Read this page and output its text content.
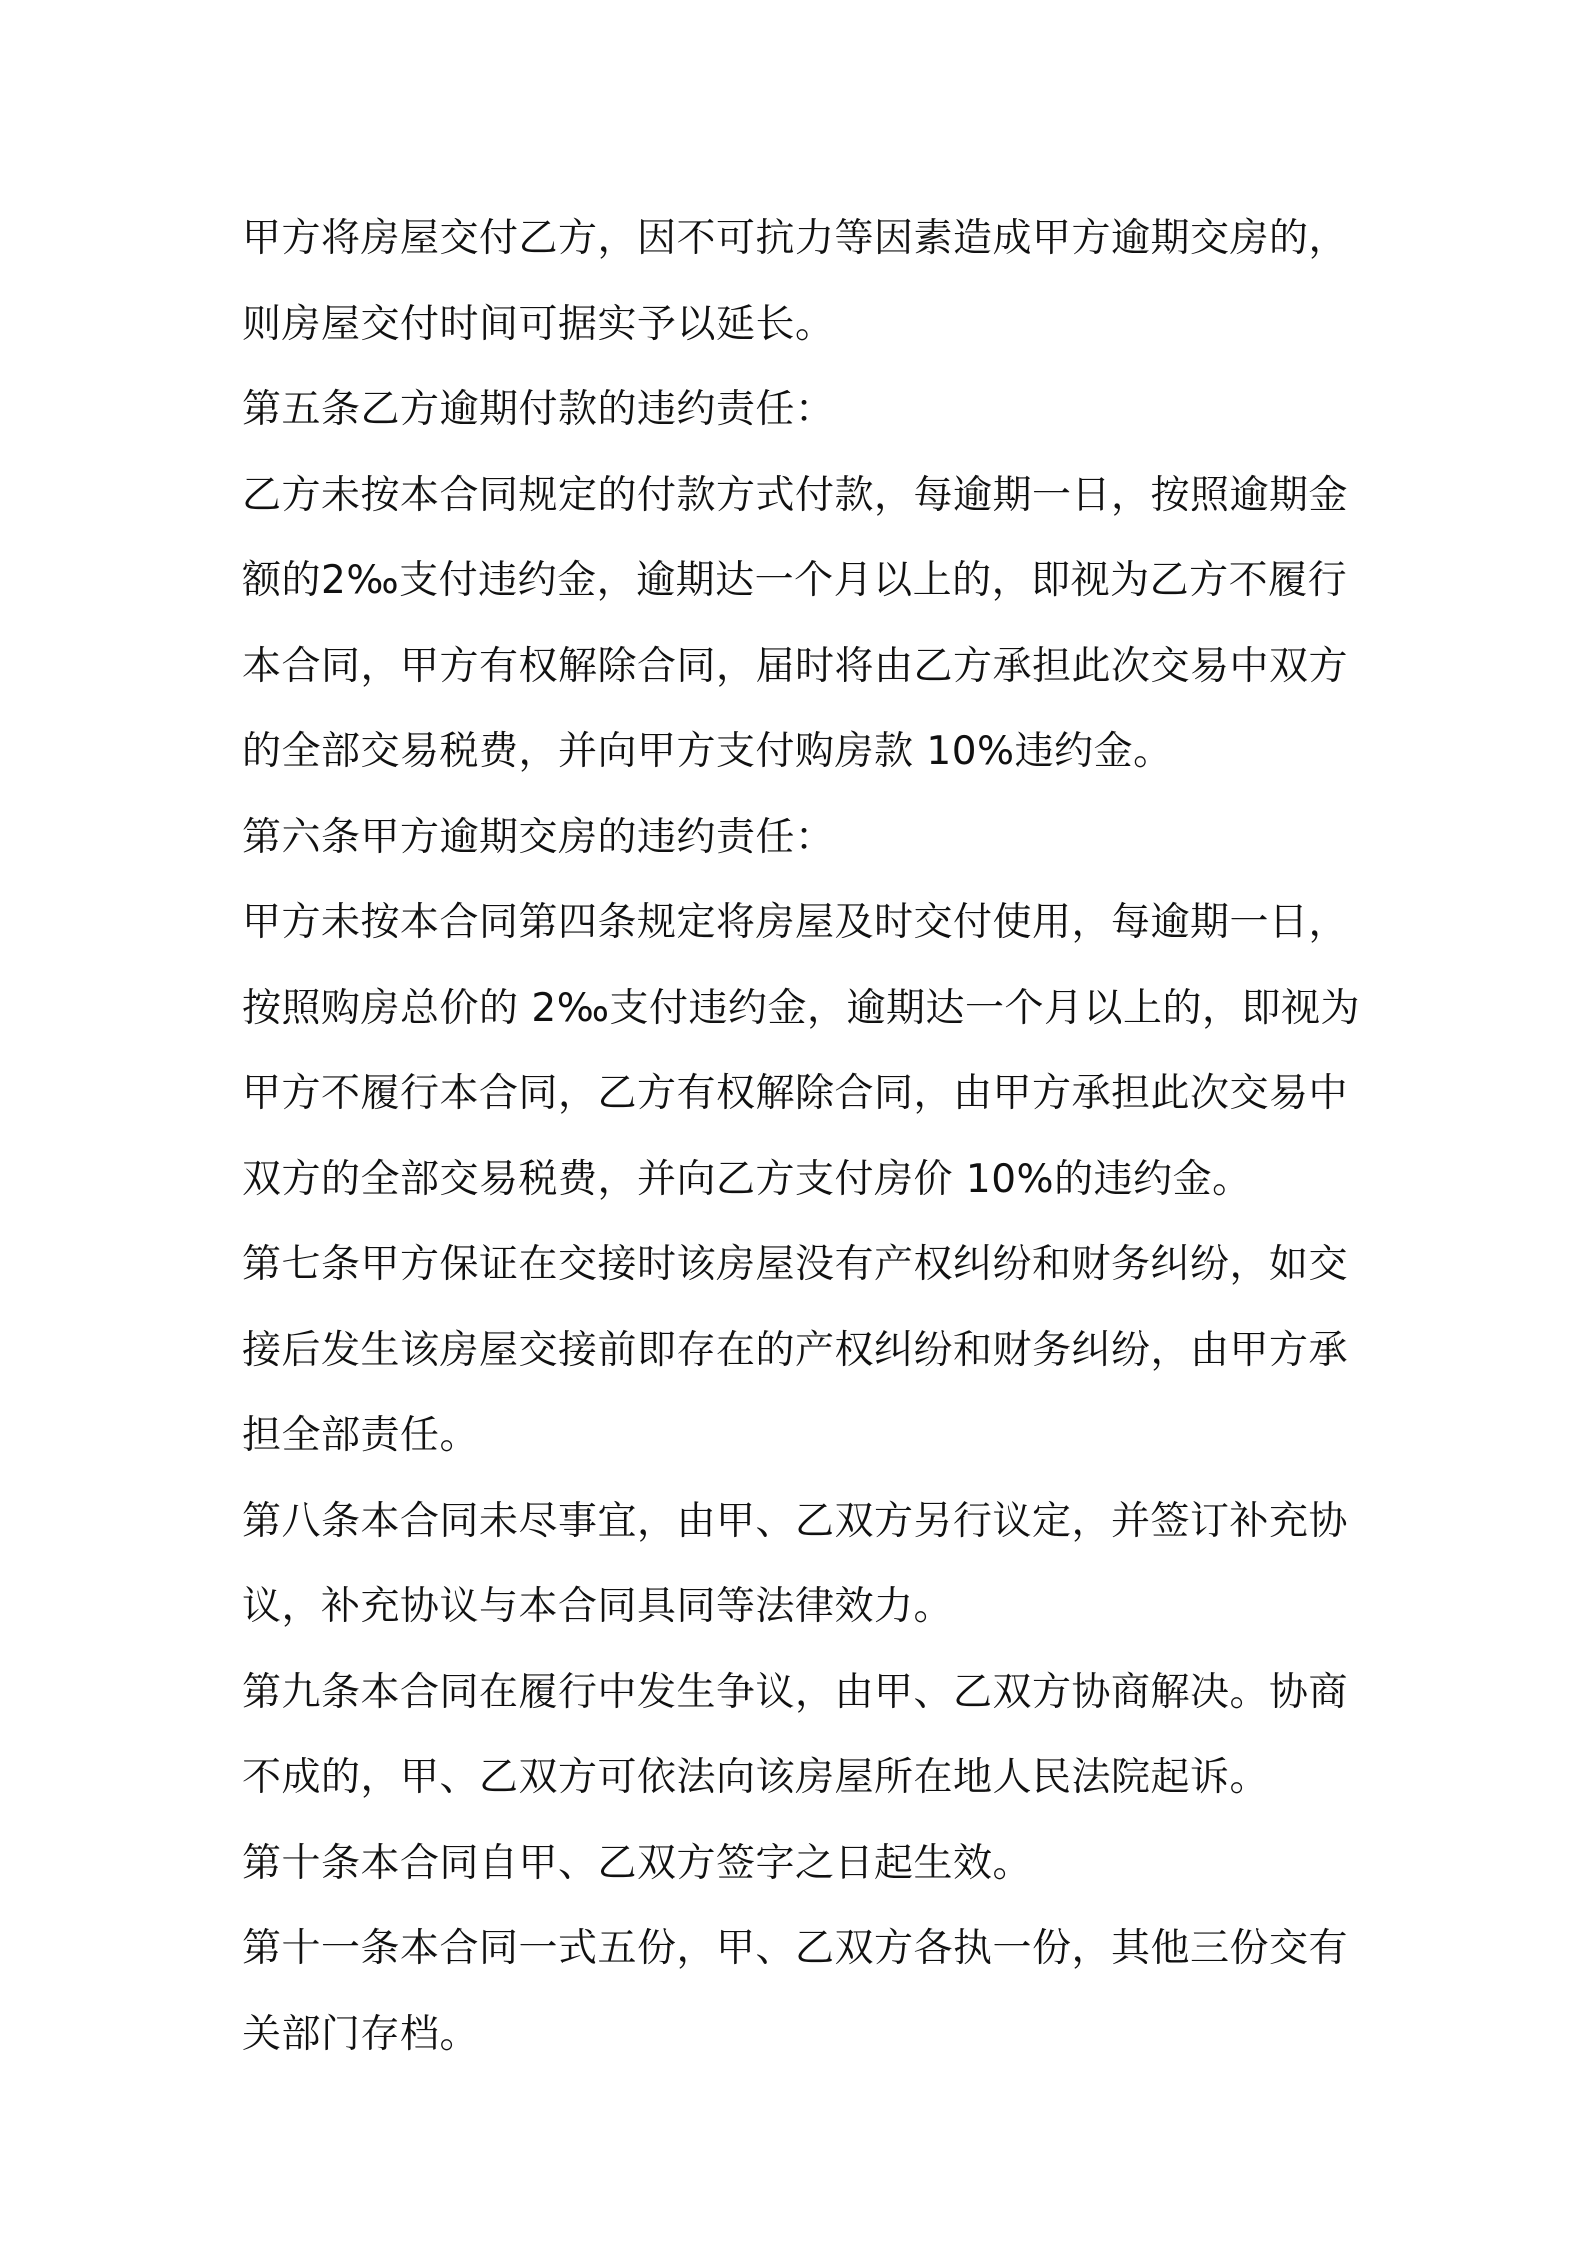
甲方将房屋交付乙方，因不可抗力等因素造成甲方逾期交房的，则房屋交付时间可据实予以延长。

第五条乙方逾期付款的违约责任：

乙方未按本合同规定的付款方式付款，每逾期一日，按照逾期金额的2‰支付违约金，逾期达一个月以上的，即视为乙方不履行本合同，甲方有权解除合同，届时将由乙方承担此次交易中双方的全部交易税费，并向甲方支付购房款 10%违约金。

第六条甲方逾期交房的违约责任：

甲方未按本合同第四条规定将房屋及时交付使用，每逾期一日，按照购房总价的 2‰支付违约金，逾期达一个月以上的，即视为甲方不履行本合同，乙方有权解除合同，由甲方承担此次交易中双方的全部交易税费，并向乙方支付房价 10%的违约金。

第七条甲方保证在交接时该房屋没有产权纠纷和财务纠纷，如交接后发生该房屋交接前即存在的产权纠纷和财务纠纷，由甲方承担全部责任。

第八条本合同未尽事宜，由甲、乙双方另行议定，并签订补充协议，补充协议与本合同具同等法律效力。

第九条本合同在履行中发生争议，由甲、乙双方协商解决。协商不成的，甲、乙双方可依法向该房屋所在地人民法院起诉。

第十条本合同自甲、乙双方签字之日起生效。

第十一条本合同一式五份，甲、乙双方各执一份，其他三份交有关部门存档。
